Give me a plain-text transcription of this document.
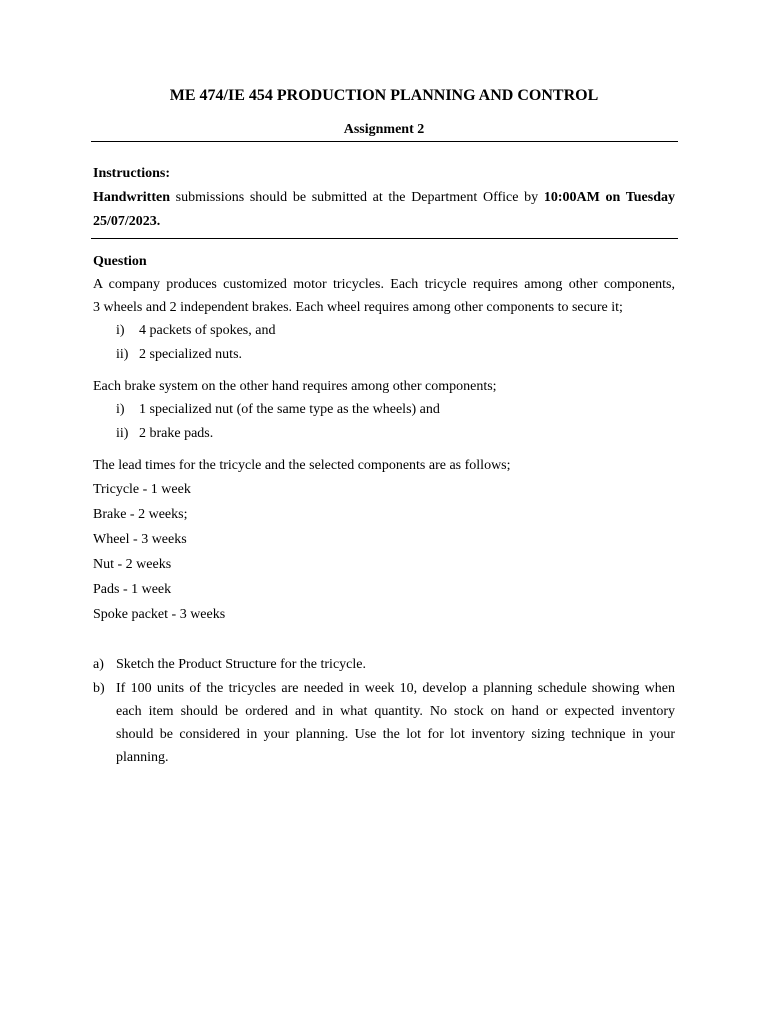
ME 474/IE 454 PRODUCTION PLANNING AND CONTROL
Assignment 2
Instructions:
Handwritten submissions should be submitted at the Department Office by 10:00AM on Tuesday
25/07/2023.
Question
A company produces customized motor tricycles. Each tricycle requires among other components,
3 wheels and 2 independent brakes. Each wheel requires among other components to secure it;
i) 4 packets of spokes, and
ii) 2 specialized nuts.
Each brake system on the other hand requires among other components;
i) 1 specialized nut (of the same type as the wheels) and
ii) 2 brake pads.
The lead times for the tricycle and the selected components are as follows;
Tricycle - 1 week
Brake - 2 weeks;
Wheel - 3 weeks
Nut - 2 weeks
Pads - 1 week
Spoke packet - 3 weeks
a) Sketch the Product Structure for the tricycle.
b) If 100 units of the tricycles are needed in week 10, develop a planning schedule showing when
each item should be ordered and in what quantity. No stock on hand or expected inventory
should be considered in your planning. Use the lot for lot inventory sizing technique in your
planning.
